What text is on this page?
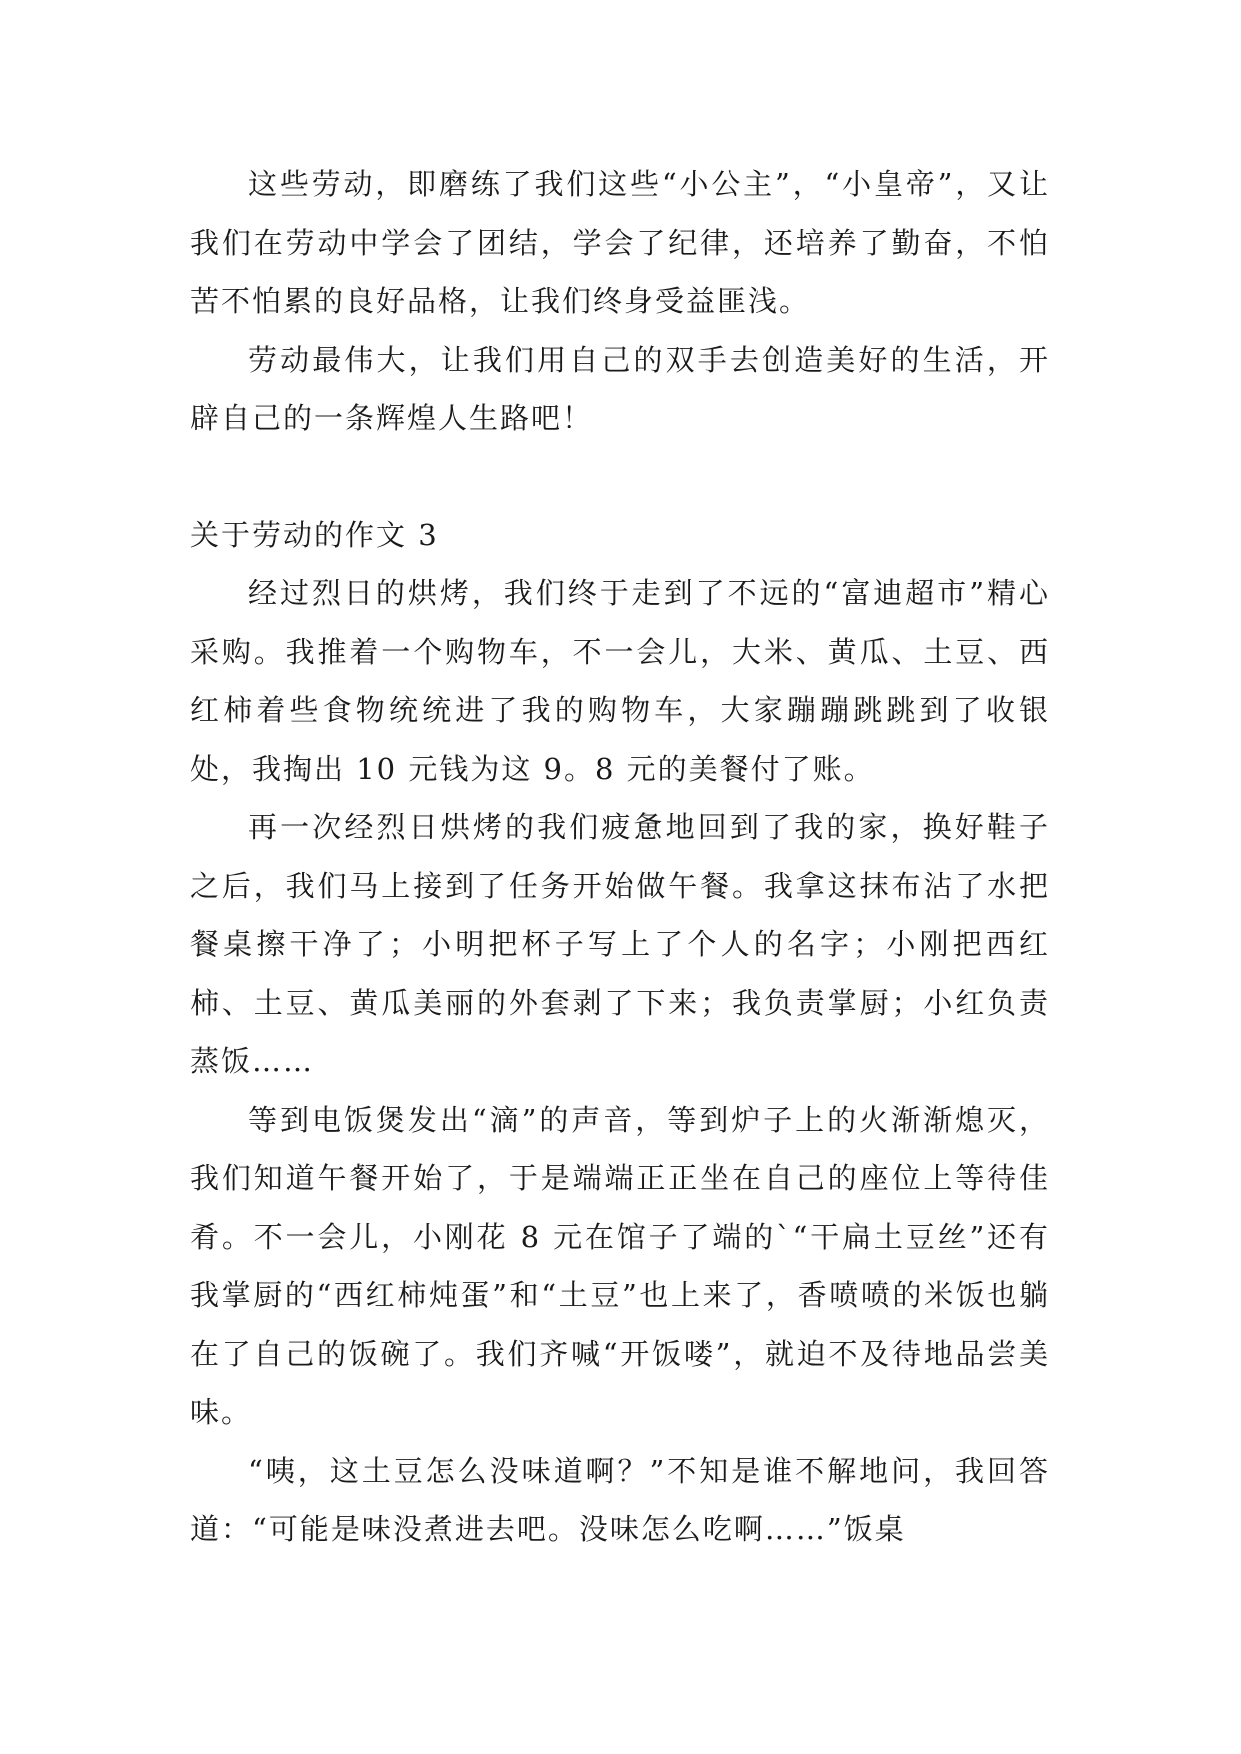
这些劳动，即磨练了我们这些“小公主”，“小皇帝”，又让我们在劳动中学会了团结，学会了纪律，还培养了勤奋，不怕苦不怕累的良好品格，让我们终身受益匪浅。

劳动最伟大，让我们用自己的双手去创造美好的生活，开辟自己的一条辉煌人生路吧！

关于劳动的作文 3

经过烈日的烘烤，我们终于走到了不远的“富迪超市”精心采购。我推着一个购物车，不一会儿，大米、黄瓜、土豆、西红柿着些食物统统进了我的购物车，大家蹦蹦跳跳到了收银处，我掏出 10 元钱为这 9。8 元的美餐付了账。

再一次经烈日烘烤的我们疲惫地回到了我的家，换好鞋子之后，我们马上接到了任务开始做午餐。我拿这抹布沾了水把餐桌擦干净了；小明把杯子写上了个人的名字；小刚把西红柿、土豆、黄瓜美丽的外套剥了下来；我负责掌厨；小红负责蒸饭……

等到电饭煲发出“滴”的声音，等到炉子上的火渐渐熄灭，我们知道午餐开始了，于是端端正正坐在自己的座位上等待佳肴。不一会儿，小刚花 8 元在馆子了端的`“干扁土豆丝”还有我掌厨的“西红柿炖蛋”和“土豆”也上来了，香喷喷的米饭也躺在了自己的饭碗了。我们齐喊“开饭喽”，就迫不及待地品尝美味。

“咦，这土豆怎么没味道啊？”不知是谁不解地问，我回答道：“可能是味没煮进去吧。没味怎么吃啊……”饭桌
